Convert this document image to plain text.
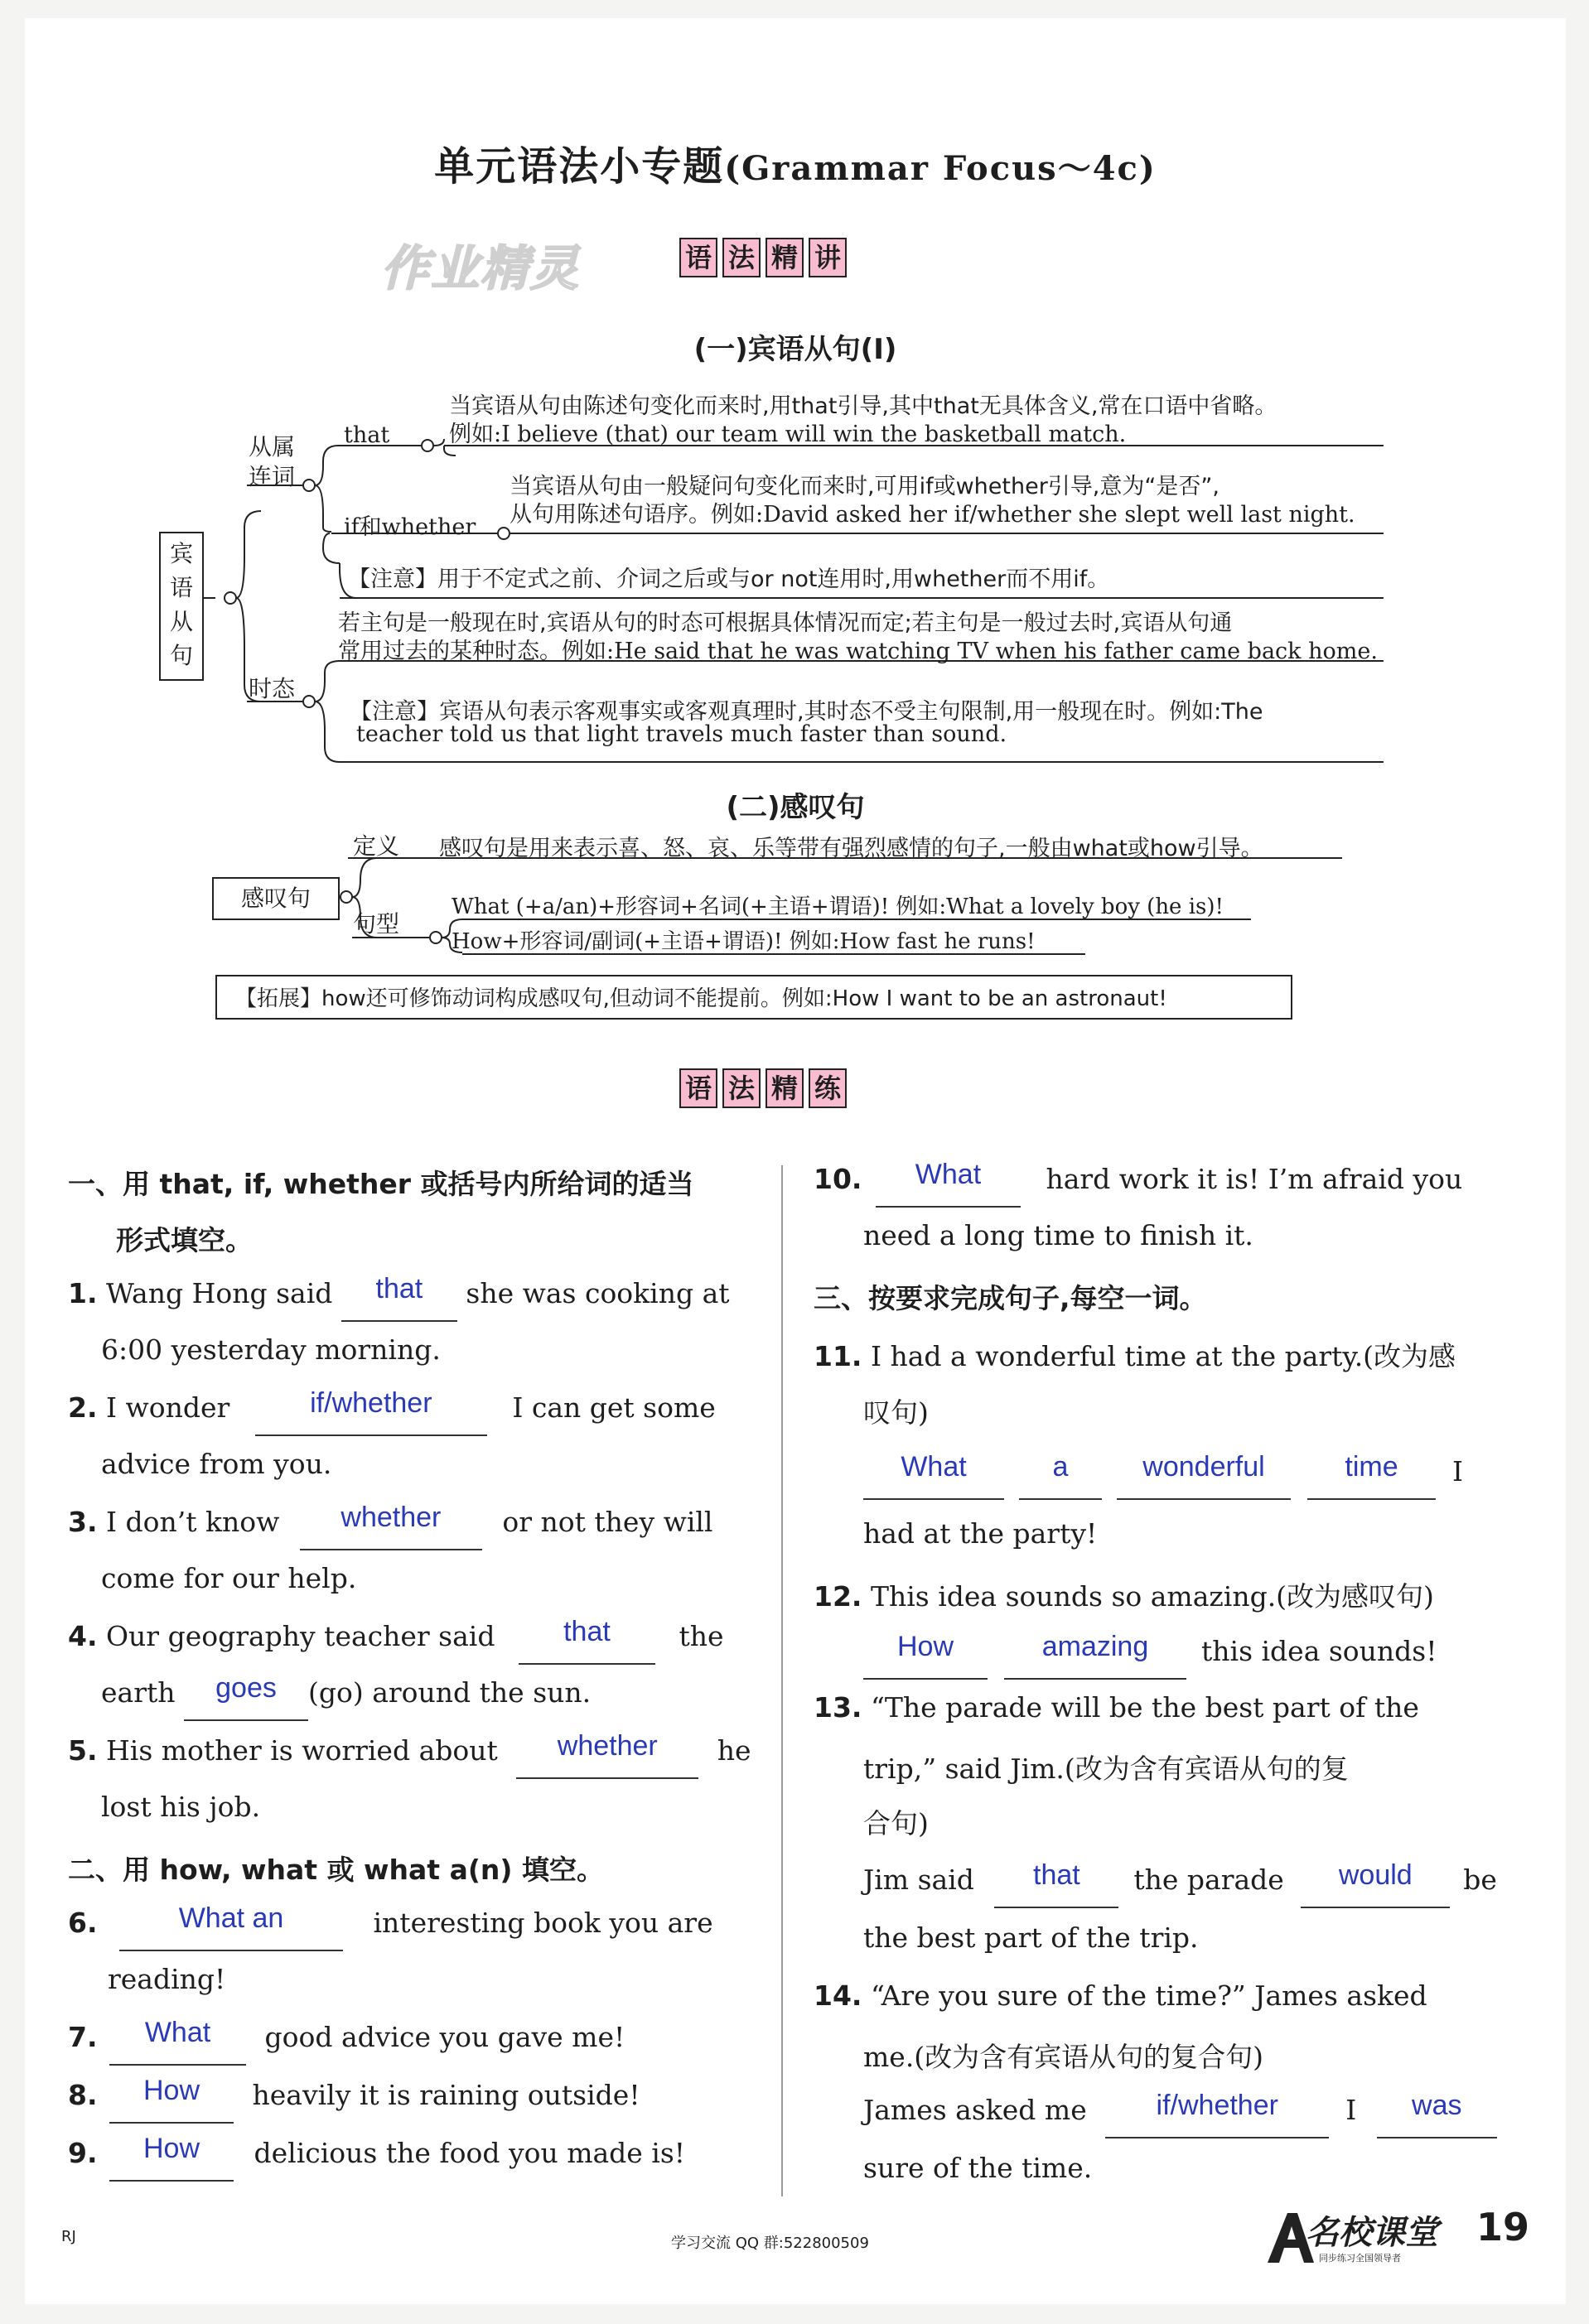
单元语法小专题(Grammar Focus～4c)
作业精灵	语 法 精 讲
(一)宾语从句(Ⅰ)
宾
语
从
句
从属
连词
时态
that
当宾语从句由陈述句变化而来时,用that引导,其中that无具体含义,常在口语中省略。
例如:I believe (that) our team will win the basketball match.
if和whether
当宾语从句由一般疑问句变化而来时,可用if或whether引导,意为“是否”,
从句用陈述句语序。例如:David asked her if/whether she slept well last night.
【注意】用于不定式之前、介词之后或与or not连用时,用whether而不用if。
若主句是一般现在时,宾语从句的时态可根据具体情况而定;若主句是一般过去时,宾语从句通
常用过去的某种时态。例如:He said that he was watching TV when his father came back home.
【注意】宾语从句表示客观事实或客观真理时,其时态不受主句限制,用一般现在时。例如:The
teacher told us that light travels much faster than sound.
(二)感叹句
感叹句
定义 感叹句是用来表示喜、怒、哀、乐等带有强烈感情的句子,一般由what或how引导。
句型
What (+a/an)+形容词+名词(+主语+谓语)! 例如:What a lovely boy (he is)!
How+形容词/副词(+主语+谓语)! 例如:How fast he runs!
【拓展】how还可修饰动词构成感叹句,但动词不能提前。例如:How I want to be an astronaut!
语 法 精 练
一、用 that, if, whether 或括号内所给词的适当
形式填空。
1. Wang Hong said that she was cooking at
6:00 yesterday morning.
2. I wonder	if/whether	I can get some
advice from you.
3. I don’t know whether or not they will
come for our help.
4. Our geography teacher said that	the
earth goes (go) around the sun.
5. His mother is worried about whether he
lost his job.
二、用 how, what 或 what a(n) 填空。
6.	What an	interesting book you are
reading!
7. What good advice you gave me!
8. How heavily it is raining outside!
9. How delicious the food you made is!
10. What hard work it is! I’m afraid you
need a long time to finish it.
三、按要求完成句子,每空一词。
11. I had a wonderful time at the party.(改为感
叹句)
What	a	wonderful	time I
had at the party!
12. This idea sounds so amazing.(改为感叹句)
How	amazing this idea sounds!
13. “The parade will be the best part of the
trip,” said Jim.(改为含有宾语从句的复
合句)
Jim said that the parade would be
the best part of the trip.
14. “Are you sure of the time?” James asked
me.(改为含有宾语从句的复合句)
James asked me if/whether I was
sure of the time.
RJ	学习交流 QQ 群:522800509	名校课堂
同步练习全国领导者
19
